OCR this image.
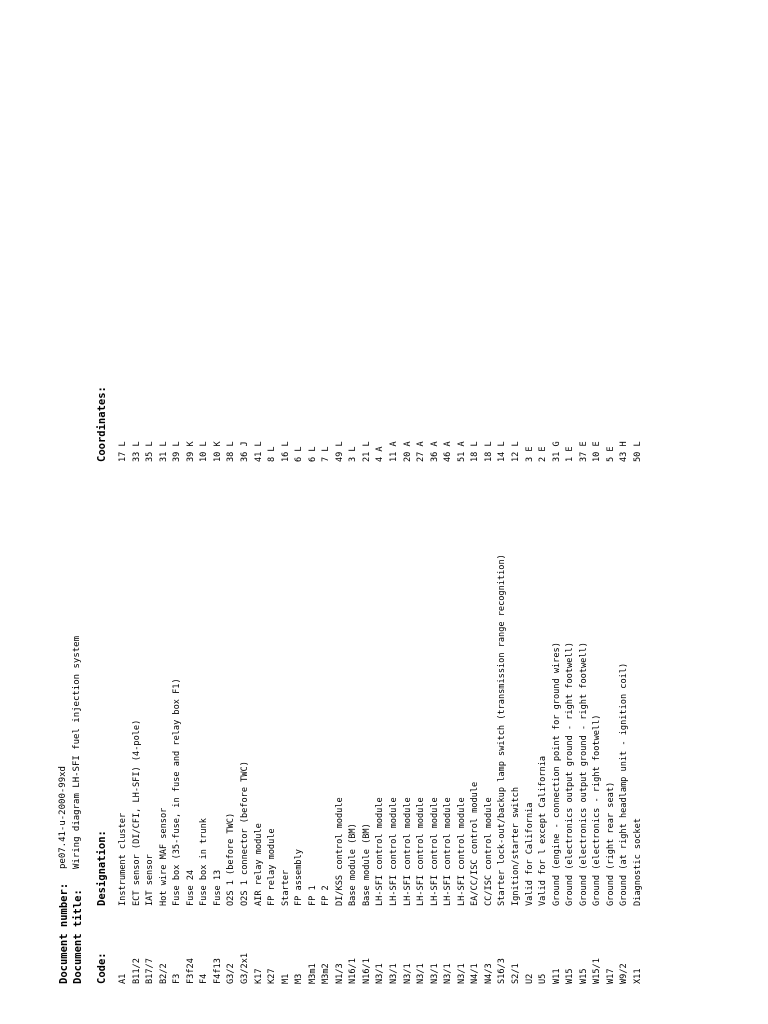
Document number:
pe07.41-u-2000-99xd
Document title:
Wiring diagram LH-SFI fuel injection system
Code:
Designation:
Coordinates:
A1
Instrument cluster
17 L
B11/2
ECT sensor (DI/CFI, LH-SFI) (4-pole)
33 L
B17/7
IAT sensor
35 L
B2/2
Hot wire MAF sensor
31 L
F3
Fuse box (35-fuse, in fuse and relay box F1)
39 L
F3f24
Fuse 24
39 K
F4
Fuse box in trunk
10 L
F4f13
Fuse 13
10 K
G3/2
O2S 1 (before TWC)
38 L
G3/2x1
O2S 1 connector (before TWC)
36 J
K17
AIR relay module
41 L
K27
FP relay module
8 L
M1
Starter
16 L
M3
FP assembly
6 L
M3m1
FP 1
6 L
M3m2
FP 2
7 L
N1/3
DI/KSS control module
49 L
N16/1
Base module (BM)
3 L
N16/1
Base module (BM)
21 L
N3/1
LH-SFI control module
4 A
N3/1
LH-SFI control module
11 A
N3/1
LH-SFI control module
20 A
N3/1
LH-SFI control module
27 A
N3/1
LH-SFI control module
36 A
N3/1
LH-SFI control module
46 A
N3/1
LH-SFI control module
51 A
N4/1
EA/CC/ISC control module
18 L
N4/3
CC/ISC control module
18 L
S16/3
Starter lock-out/backup lamp switch (transmission range recognition)
14 L
S2/1
Ignition/starter switch
12 L
U2
Valid for California
3 E
U5
Valid for l except California
2 E
W11
Ground (engine - connection point for ground wires)
31 G
W15
Ground (electronics output ground - right footwell)
1 E
W15
Ground (electronics output ground - right footwell)
37 E
W15/1
Ground (electronics - right footwell)
10 E
W17
Ground (right rear seat)
5 E
W9/2
Ground (at right headlamp unit - ignition coil)
43 H
X11
Diagnostic socket
50 L
